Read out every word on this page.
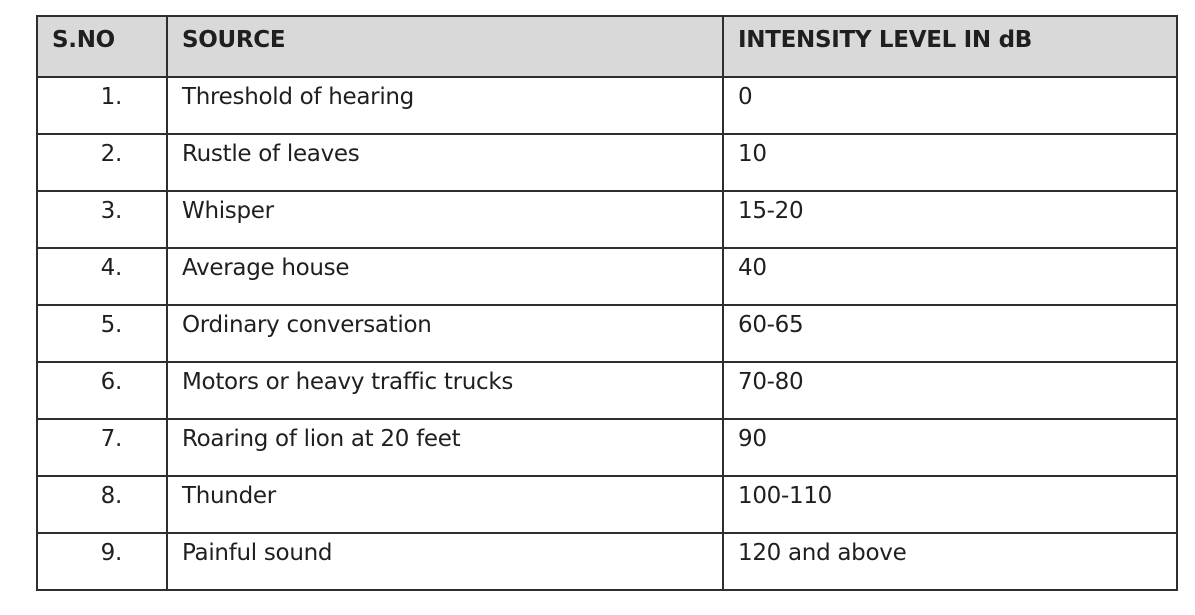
S.NO	SOURCE	INTENSITY LEVEL IN dB
1.	Threshold of hearing	0
2.	Rustle of leaves	10
3.	Whisper	15-20
4.	Average house	40
5.	Ordinary conversation	60-65
6.	Motors or heavy traffic trucks	70-80
7.	Roaring of lion at 20 feet	90
8.	Thunder	100-110
9.	Painful sound	120 and above
